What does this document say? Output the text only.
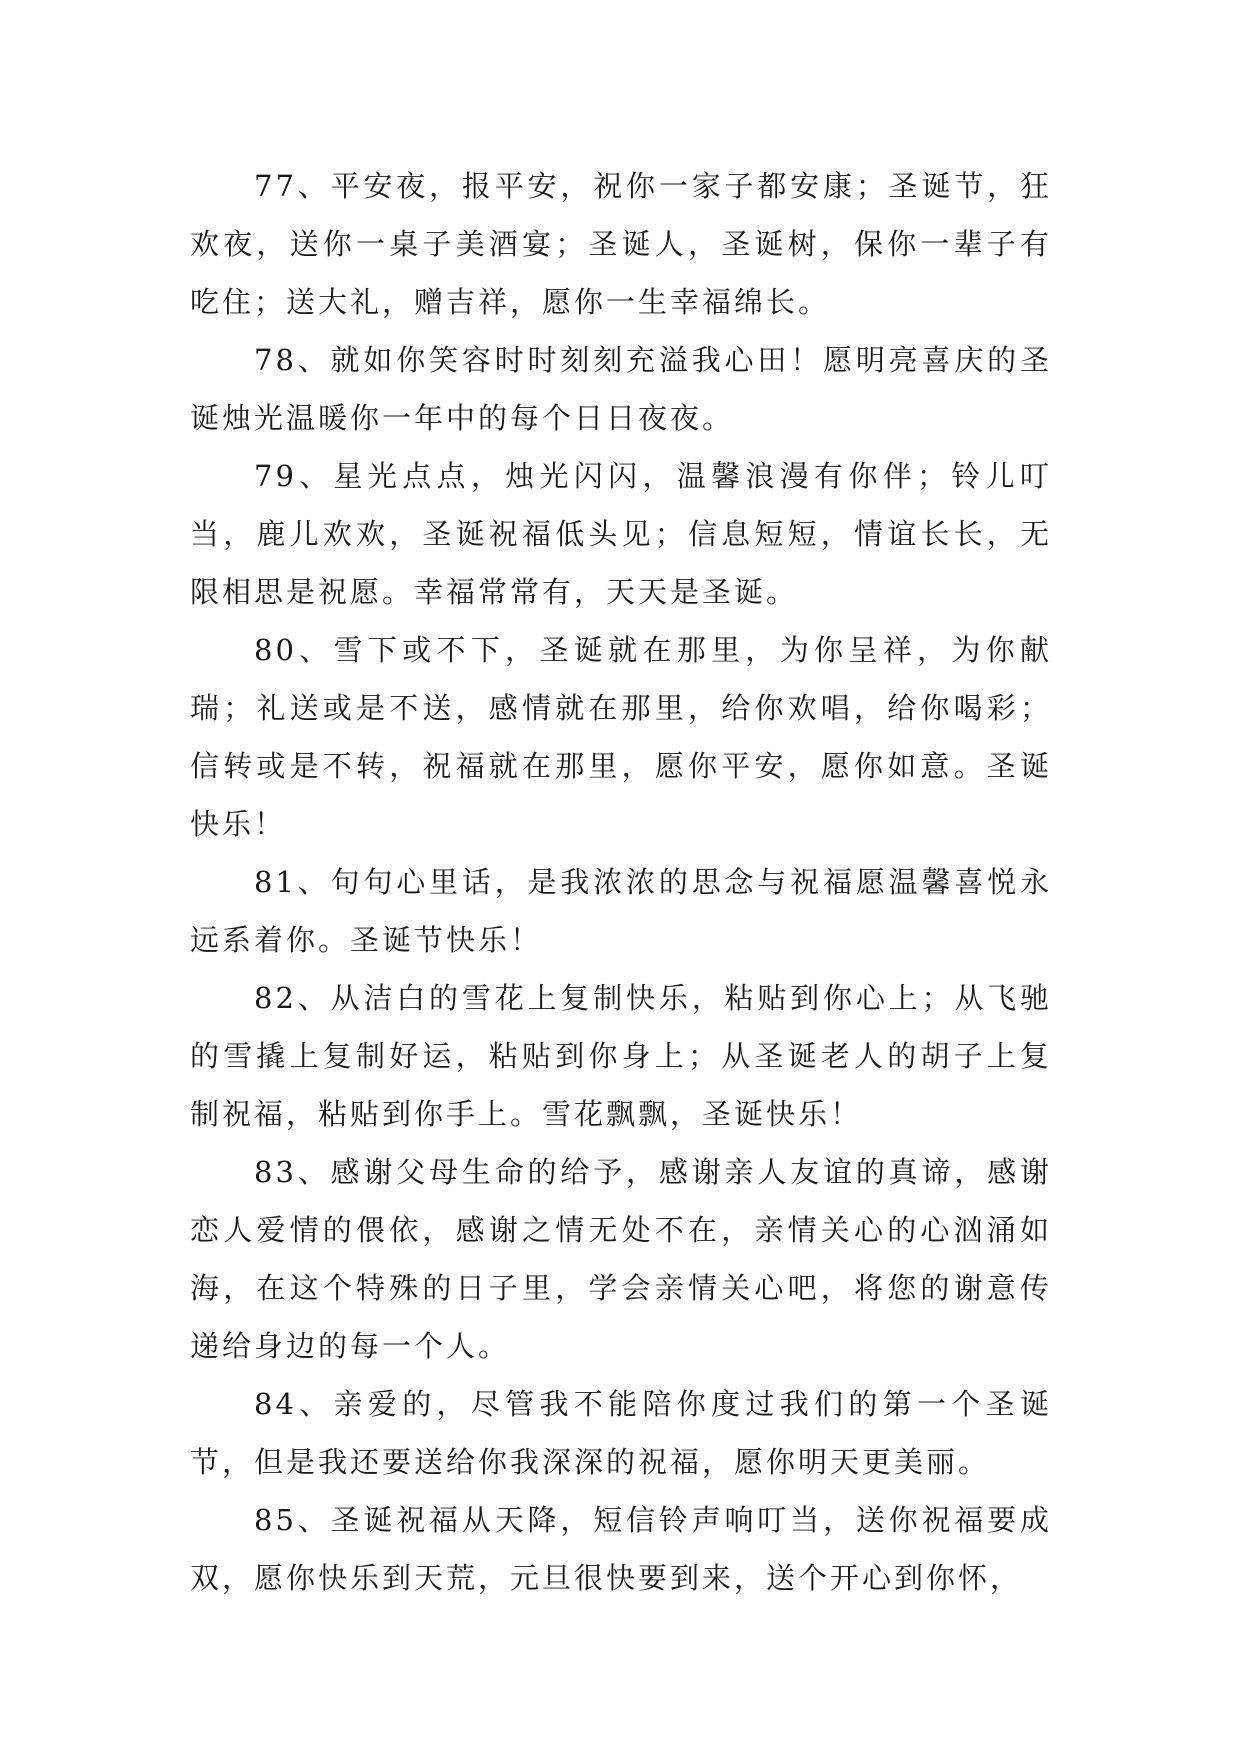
77、平安夜，报平安，祝你一家子都安康；圣诞节，狂欢夜，送你一桌子美酒宴；圣诞人，圣诞树，保你一辈子有吃住；送大礼，赠吉祥，愿你一生幸福绵长。

78、就如你笑容时时刻刻充溢我心田！愿明亮喜庆的圣诞烛光温暖你一年中的每个日日夜夜。

79、星光点点，烛光闪闪，温馨浪漫有你伴；铃儿叮当，鹿儿欢欢，圣诞祝福低头见；信息短短，情谊长长，无限相思是祝愿。幸福常常有，天天是圣诞。

80、雪下或不下，圣诞就在那里，为你呈祥，为你献瑞；礼送或是不送，感情就在那里，给你欢唱，给你喝彩；信转或是不转，祝福就在那里，愿你平安，愿你如意。圣诞快乐！

81、句句心里话，是我浓浓的思念与祝福愿温馨喜悦永远系着你。圣诞节快乐！

82、从洁白的雪花上复制快乐，粘贴到你心上；从飞驰的雪撬上复制好运，粘贴到你身上；从圣诞老人的胡子上复制祝福，粘贴到你手上。雪花飘飘，圣诞快乐！

83、感谢父母生命的给予，感谢亲人友谊的真谛，感谢恋人爱情的偎依，感谢之情无处不在，亲情关心的心汹涌如海，在这个特殊的日子里，学会亲情关心吧，将您的谢意传递给身边的每一个人。

84、亲爱的，尽管我不能陪你度过我们的第一个圣诞节，但是我还要送给你我深深的祝福，愿你明天更美丽。

85、圣诞祝福从天降，短信铃声响叮当，送你祝福要成双，愿你快乐到天荒，元旦很快要到来，送个开心到你怀，
